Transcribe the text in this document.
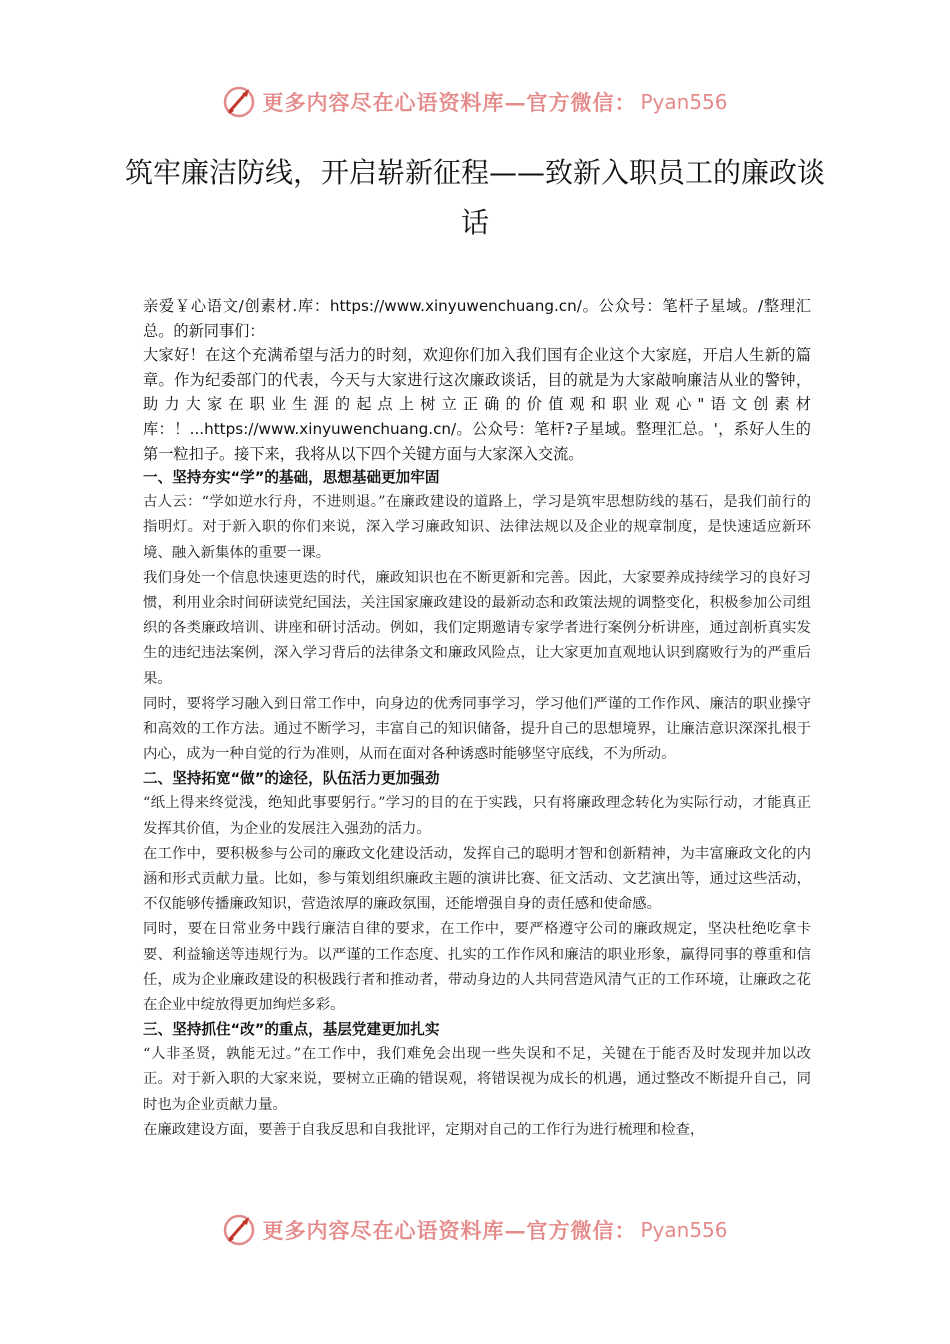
更多内容尽在心语资料库—官方微信： Pyan556
筑牢廉洁防线，开启崭新征程——致新入职员工的廉政谈话

亲爱￥心语文/创素材.库：https://www.xinyuwenchuang.cn/。公众号：笔杆子星域。/整理汇总。的新同事们：

大家好！在这个充满希望与活力的时刻，欢迎你们加入我们国有企业这个大家庭，开启人生新的篇章。作为纪委部门的代表，今天与大家进行这次廉政谈话，目的就是为大家敲响廉洁从业的警钟，助力大家在职业生涯的起点上树立正确的价值观和职业观心"语文创素材库：！...https://www.xinyuwenchuang.cn/。公众号：笔杆?子星域。整理汇总。'，系好人生的第一粒扣子。接下来，我将从以下四个关键方面与大家深入交流。

一、坚持夯实“学”的基础，思想基础更加牢固

古人云：“学如逆水行舟，不进则退。”在廉政建设的道路上，学习是筑牢思想防线的基石，是我们前行的指明灯。对于新入职的你们来说，深入学习廉政知识、法律法规以及企业的规章制度，是快速适应新环境、融入新集体的重要一课。

我们身处一个信息快速更迭的时代，廉政知识也在不断更新和完善。因此，大家要养成持续学习的良好习惯，利用业余时间研读党纪国法，关注国家廉政建设的最新动态和政策法规的调整变化，积极参加公司组织的各类廉政培训、讲座和研讨活动。例如，我们定期邀请专家学者进行案例分析讲座，通过剖析真实发生的违纪违法案例，深入学习背后的法律条文和廉政风险点，让大家更加直观地认识到腐败行为的严重后果。

同时，要将学习融入到日常工作中，向身边的优秀同事学习，学习他们严谨的工作作风、廉洁的职业操守和高效的工作方法。通过不断学习，丰富自己的知识储备，提升自己的思想境界，让廉洁意识深深扎根于内心，成为一种自觉的行为准则，从而在面对各种诱惑时能够坚守底线，不为所动。

二、坚持拓宽“做”的途径，队伍活力更加强劲

“纸上得来终觉浅，绝知此事要躬行。”学习的目的在于实践，只有将廉政理念转化为实际行动，才能真正发挥其价值，为企业的发展注入强劲的活力。

在工作中，要积极参与公司的廉政文化建设活动，发挥自己的聪明才智和创新精神，为丰富廉政文化的内涵和形式贡献力量。比如，参与策划组织廉政主题的演讲比赛、征文活动、文艺演出等，通过这些活动，不仅能够传播廉政知识，营造浓厚的廉政氛围，还能增强自身的责任感和使命感。

同时，要在日常业务中践行廉洁自律的要求，在工作中，要严格遵守公司的廉政规定，坚决杜绝吃拿卡要、利益输送等违规行为。以严谨的工作态度、扎实的工作作风和廉洁的职业形象，赢得同事的尊重和信任，成为企业廉政建设的积极践行者和推动者，带动身边的人共同营造风清气正的工作环境，让廉政之花在企业中绽放得更加绚烂多彩。

三、坚持抓住“改”的重点，基层党建更加扎实

“人非圣贤，孰能无过。”在工作中，我们难免会出现一些失误和不足，关键在于能否及时发现并加以改正。对于新入职的大家来说，要树立正确的错误观，将错误视为成长的机遇，通过整改不断提升自己，同时也为企业贡献力量。

在廉政建设方面，要善于自我反思和自我批评，定期对自己的工作行为进行梳理和检查，

更多内容尽在心语资料库—官方微信： Pyan556
